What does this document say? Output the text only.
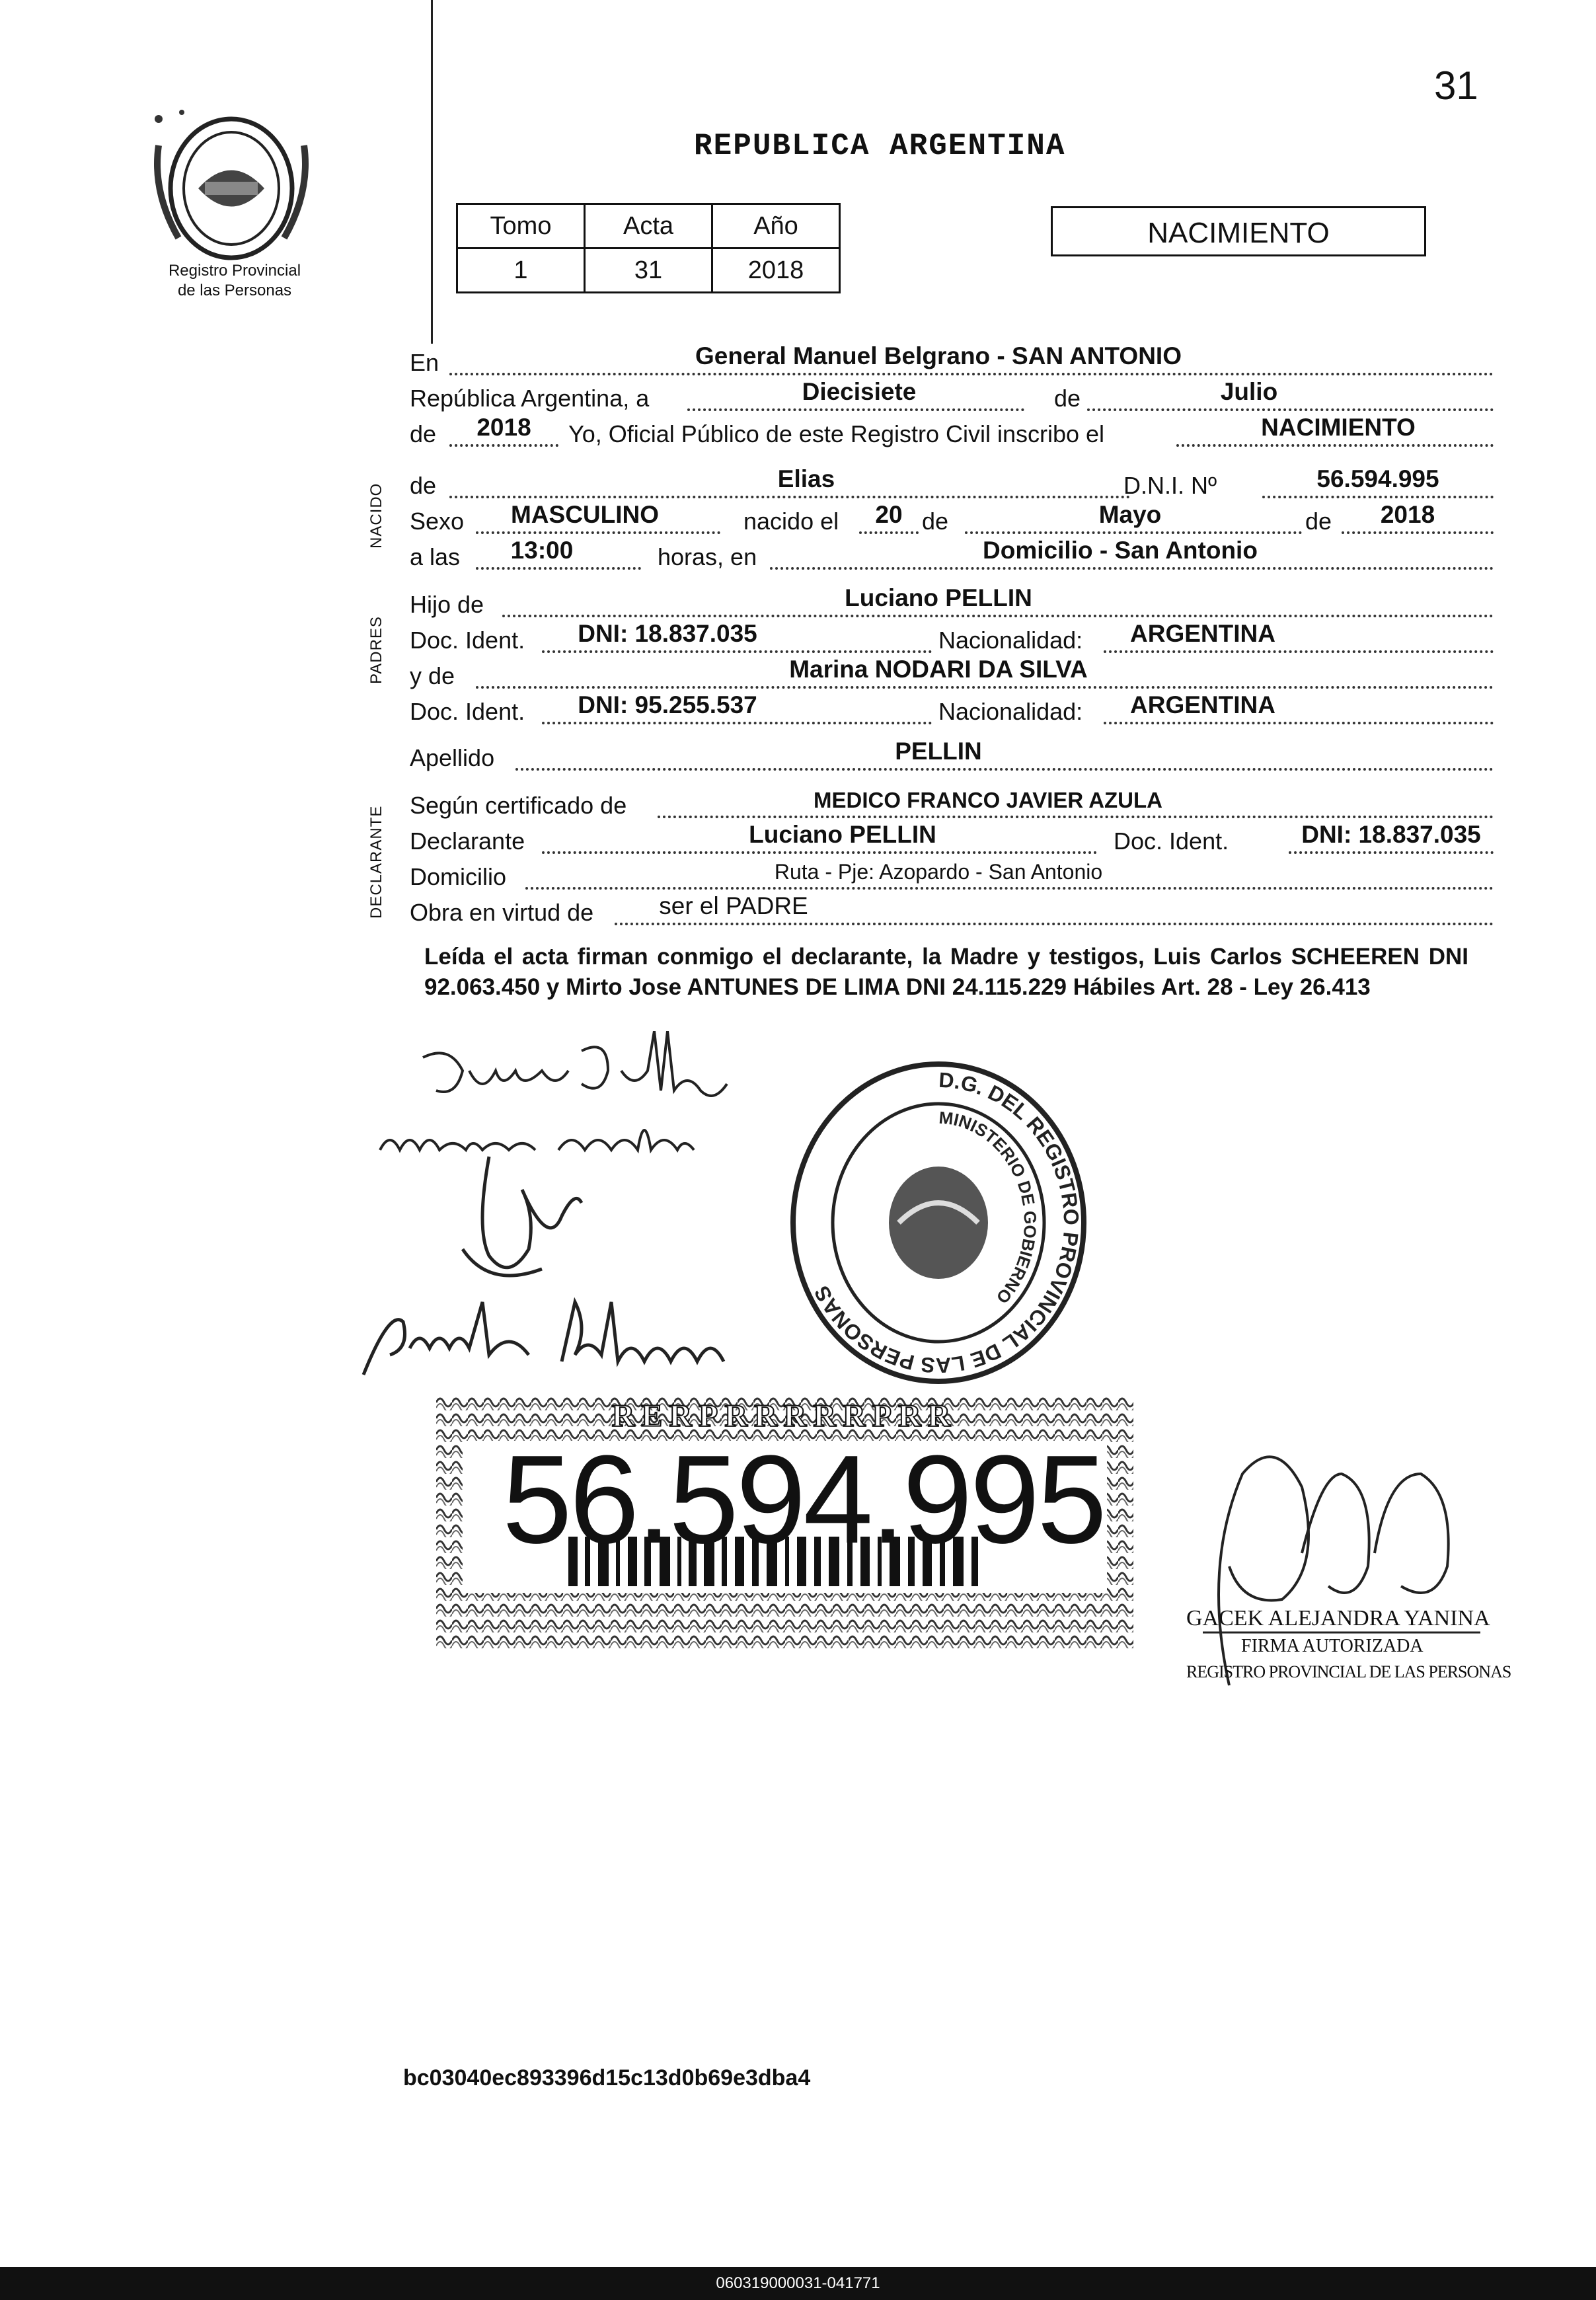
31
Registro Provincial
de las Personas
REPUBLICA ARGENTINA
Tomo	Acta	Año
1	31	2018
NACIMIENTO
NACIDO
PADRES
DECLARANTE
En	General Manuel Belgrano - SAN ANTONIO
República Argentina, a	Diecisiete	de	Julio
de	2018	Yo, Oficial Público de este Registro Civil inscribo el	NACIMIENTO
de	Elias	D.N.I. Nº	56.594.995
Sexo	MASCULINO	nacido el	20 de	Mayo	de	2018
a las	13:00	horas, en	Domicilio - San Antonio
Hijo de	Luciano PELLIN
Doc. Ident.	DNI: 18.837.035	Nacionalidad:	ARGENTINA
y de	Marina NODARI DA SILVA
Doc. Ident.	DNI: 95.255.537	Nacionalidad:	ARGENTINA
Apellido	PELLIN
Según certificado de	MEDICO FRANCO JAVIER AZULA
Declarante	Luciano PELLIN	Doc. Ident.	DNI: 18.837.035
Domicilio	Ruta - Pje: Azopardo - San Antonio
Obra en virtud de	ser el PADRE
Leída el acta firman conmigo el declarante, la Madre y testigos, Luis Carlos SCHEEREN DNI 92.063.450 y Mirto Jose ANTUNES DE LIMA DNI 24.115.229 Hábiles Art. 28 - Ley 26.413
D.G. DEL REGISTRO PROVINCIAL DE LAS PERSONAS
MINISTERIO DE GOBIERNO
RERPRRRRRPRR
56.594.995
GACEK ALEJANDRA YANINA
FIRMA AUTORIZADA
REGISTRO PROVINCIAL DE LAS PERSONAS
bc03040ec893396d15c13d0b69e3dba4
060319000031-041771
